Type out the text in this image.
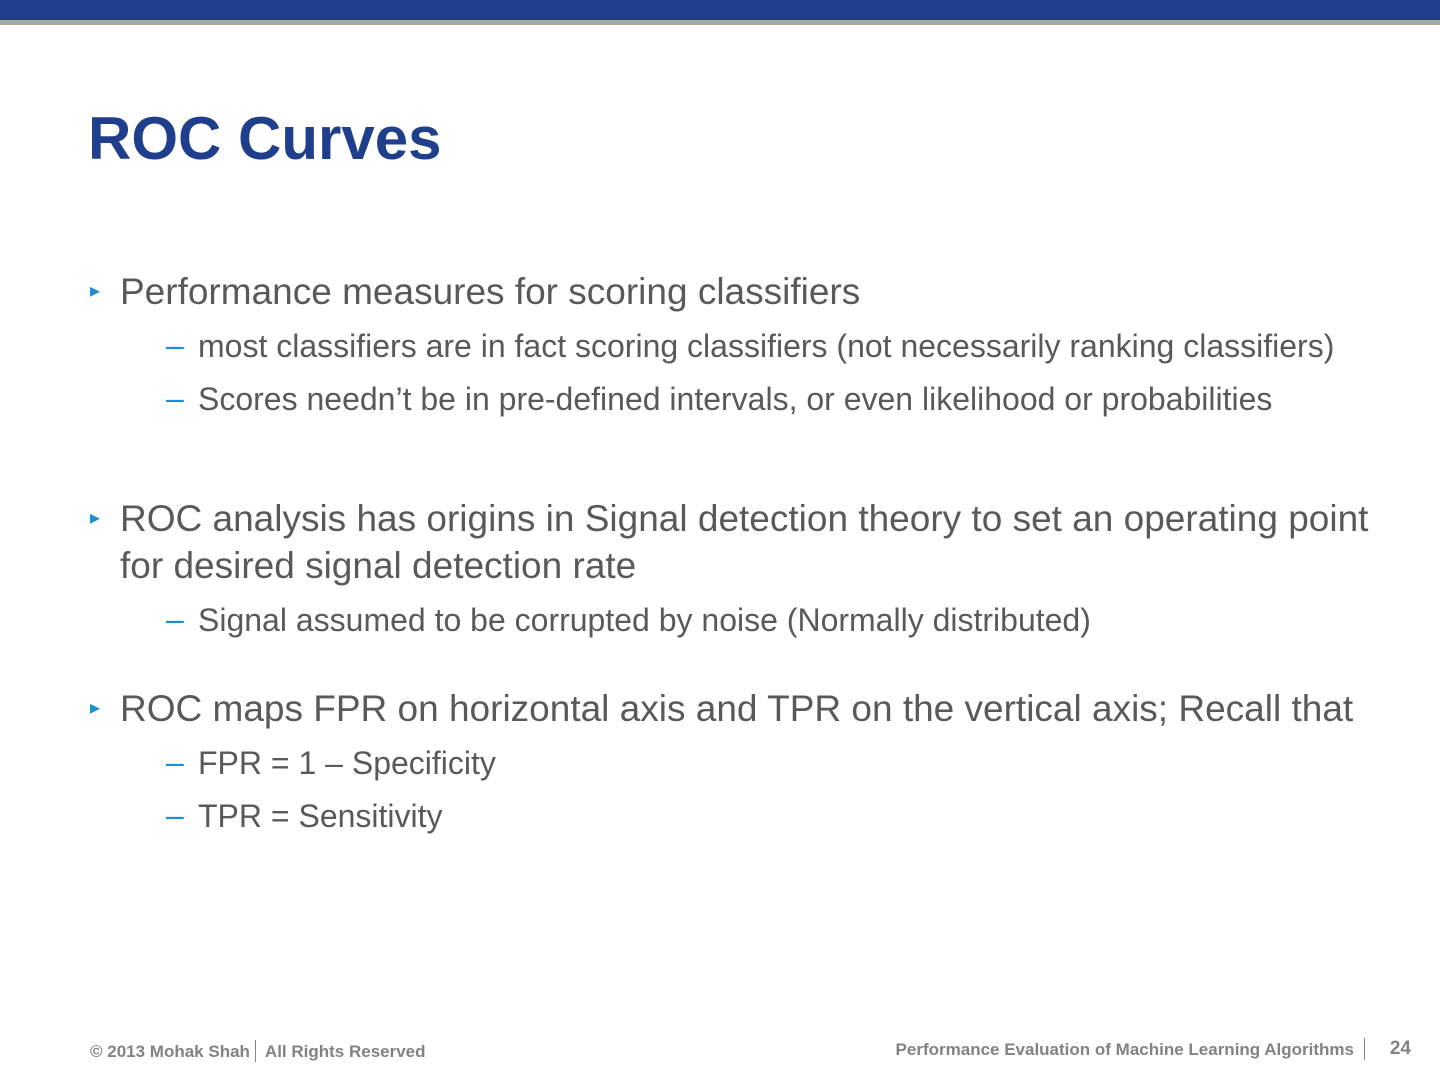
ROC Curves
▸ Performance measures for scoring classifiers
– most classifiers are in fact scoring classifiers (not necessarily ranking classifiers)
– Scores needn’t be in pre-defined intervals, or even likelihood or probabilities
▸ ROC analysis has origins in Signal detection theory to set an operating point for desired signal detection rate
– Signal assumed to be corrupted by noise (Normally distributed)
▸ ROC maps FPR on horizontal axis and TPR on the vertical axis; Recall that
– FPR = 1 – Specificity
– TPR = Sensitivity
© 2013 Mohak Shah All Rights Reserved	Performance Evaluation of Machine Learning Algorithms 24
